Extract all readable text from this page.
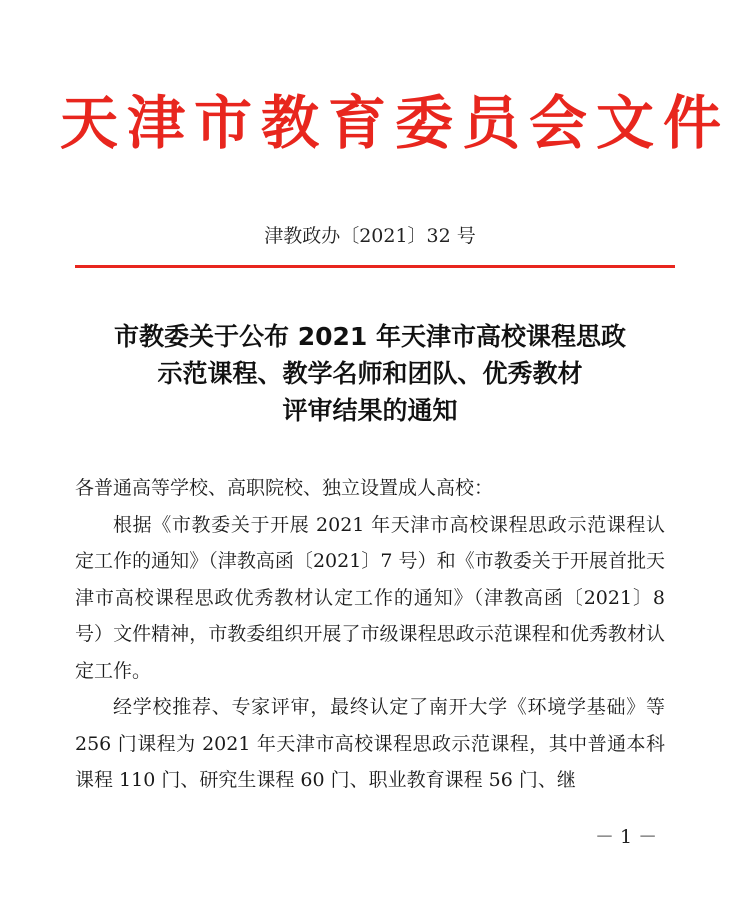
天津市教育委员会文件
津教政办〔2021〕32 号
市教委关于公布 2021 年天津市高校课程思政
示范课程、教学名师和团队、优秀教材
评审结果的通知

各普通高等学校、高职院校、独立设置成人高校：

根据《市教委关于开展 2021 年天津市高校课程思政示范课程认定工作的通知》（津教高函〔2021〕7 号）和《市教委关于开展首批天津市高校课程思政优秀教材认定工作的通知》（津教高函〔2021〕8 号）文件精神，市教委组织开展了市级课程思政示范课程和优秀教材认定工作。

经学校推荐、专家评审，最终认定了南开大学《环境学基础》等 256 门课程为 2021 年天津市高校课程思政示范课程，其中普通本科课程 110 门、研究生课程 60 门、职业教育课程 56 门、继

－ 1 －
